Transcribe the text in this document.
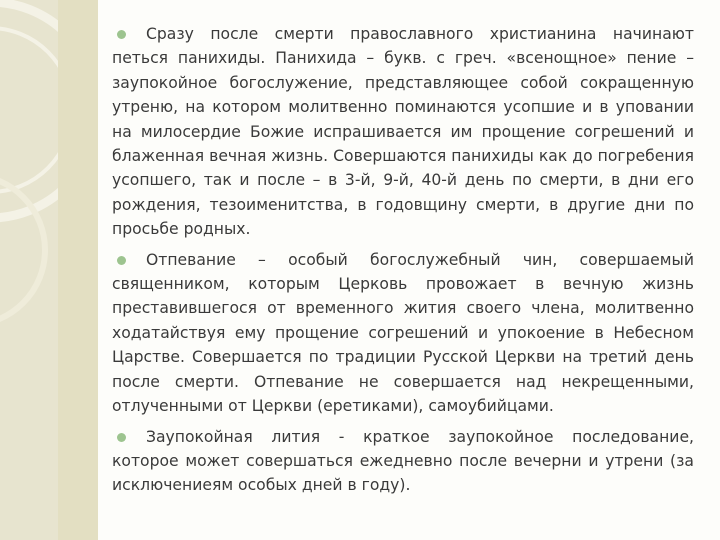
Сразу после смерти православного христианина начинают петься панихиды. Панихида – букв. с греч. «всенощное» пение – заупокойное богослужение, представляющее собой сокращенную утреню, на котором молитвенно поминаются усопшие и в уповании на милосердие Божие испрашивается им прощение согрешений и блаженная вечная жизнь. Совершаются панихиды как до погребения усопшего, так и после – в 3-й, 9-й, 40-й день по смерти, в дни его рождения, тезоименитства, в годовщину смерти, в другие дни по просьбе родных.

Отпевание – особый богослужебный чин, совершаемый священником, которым Церковь провожает в вечную жизнь преставившегося от временного жития своего члена, молитвенно ходатайствуя ему прощение согрешений и упокоение в Небесном Царстве. Совершается по традиции Русской Церкви на третий день после смерти. Отпевание не совершается над некрещенными, отлученными от Церкви (еретиками), самоубийцами.

Заупокойная лития - краткое заупокойное последование, которое может совершаться ежедневно после вечерни и утрени (за исключениеям особых дней в году).
